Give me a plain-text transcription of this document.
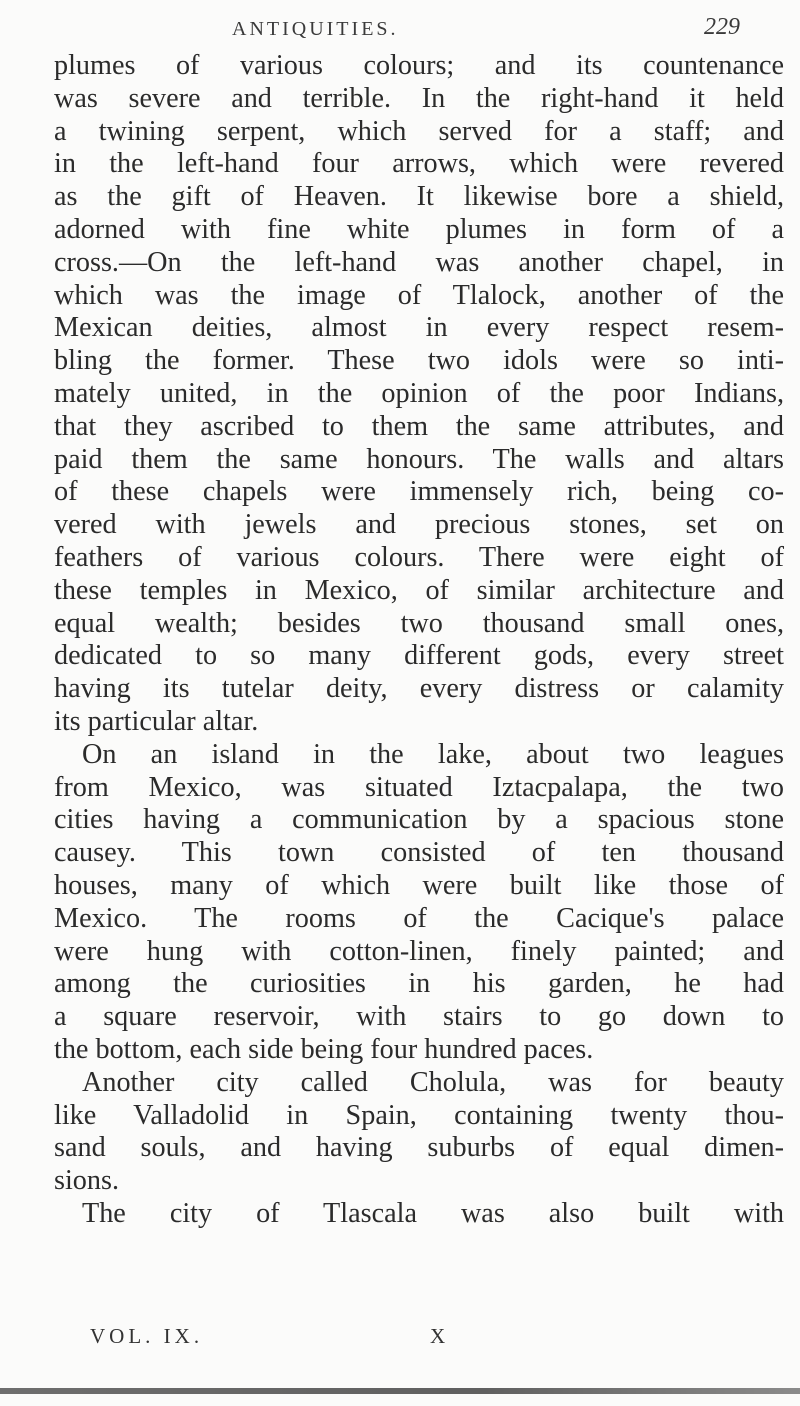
ANTIQUITIES.	229
plumes of various colours; and its countenance
was severe and terrible. In the right-hand it held
a twining serpent, which served for a staff; and
in the left-hand four arrows, which were revered
as the gift of Heaven. It likewise bore a shield,
adorned with fine white plumes in form of a
cross.—On the left-hand was another chapel, in
which was the image of Tlalock, another of the
Mexican deities, almost in every respect resem-
bling the former. These two idols were so inti-
mately united, in the opinion of the poor Indians,
that they ascribed to them the same attributes, and
paid them the same honours. The walls and altars
of these chapels were immensely rich, being co-
vered with jewels and precious stones, set on
feathers of various colours. There were eight of
these temples in Mexico, of similar architecture and
equal wealth; besides two thousand small ones,
dedicated to so many different gods, every street
having its tutelar deity, every distress or calamity
its particular altar.
On an island in the lake, about two leagues
from Mexico, was situated Iztacpalapa, the two
cities having a communication by a spacious stone
causey. This town consisted of ten thousand
houses, many of which were built like those of
Mexico. The rooms of the Cacique's palace
were hung with cotton-linen, finely painted; and
among the curiosities in his garden, he had
a square reservoir, with stairs to go down to
the bottom, each side being four hundred paces.
Another city called Cholula, was for beauty
like Valladolid in Spain, containing twenty thou-
sand souls, and having suburbs of equal dimen-
sions.
The city of Tlascala was also built with
VOL. IX.	X
